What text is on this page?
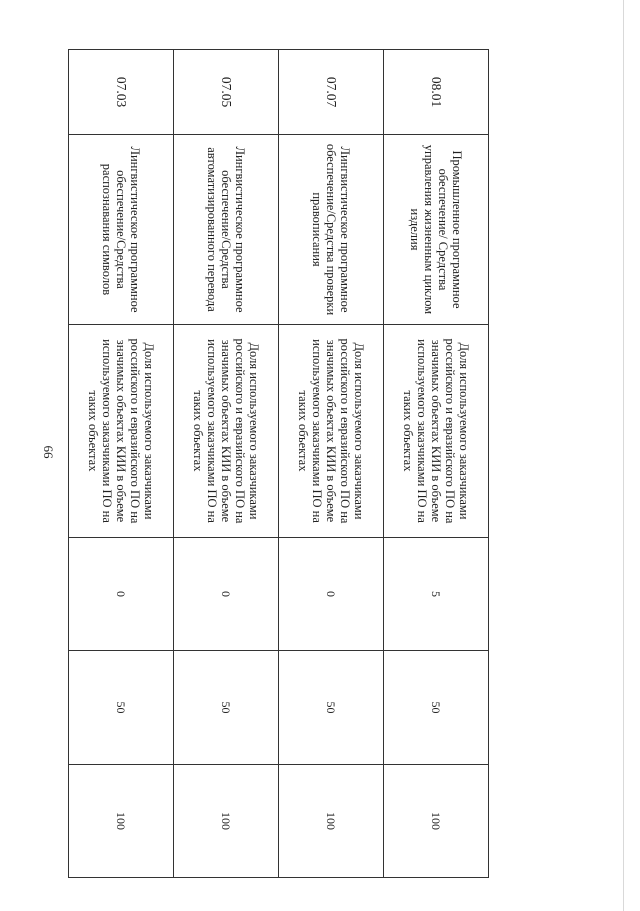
66
08.01	Промышленное программное обеспечение/ Средства управления жизненным циклом изделия	Доля используемого заказчиками российского и евразийского ПО на значимых объектах КИИ в объеме используемого заказчиками ПО на таких объектах	5	50	100
07.07	Лингвистическое программное обеспечение/Средства проверки правописания	Доля используемого заказчиками российского и евразийского ПО на значимых объектах КИИ в объеме используемого заказчиками ПО на таких объектах	0	50	100
07.05	Лингвистическое программное обеспечение/Средства автоматизированного перевода	Доля используемого заказчиками российского и евразийского ПО на значимых объектах КИИ в объеме используемого заказчиками ПО на таких объектах	0	50	100
07.03	Лингвистическое программное обеспечение/Средства распознавания символов	Доля используемого заказчиками российского и евразийского ПО на значимых объектах КИИ в объеме используемого заказчиками ПО на таких объектах	0	50	100
